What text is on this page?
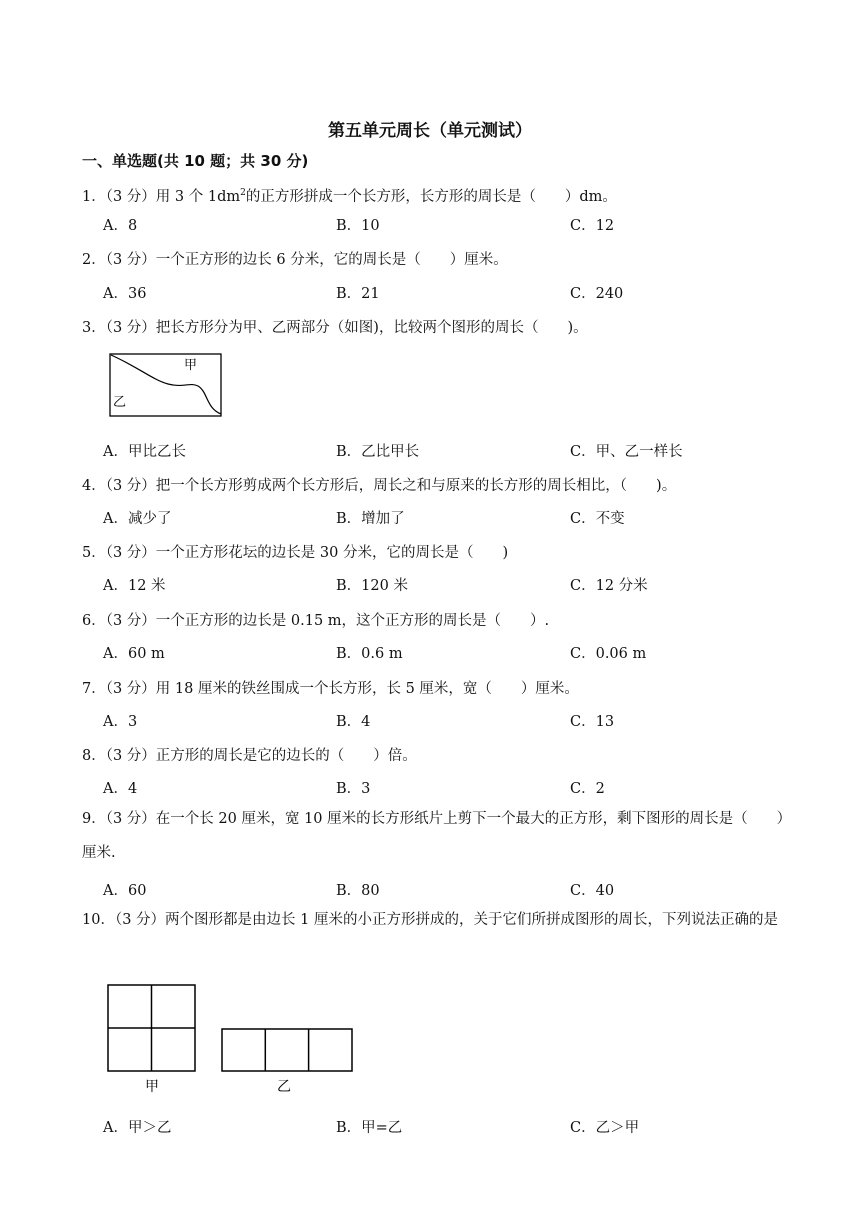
第五单元周长（单元测试）
一、单选题(共 10 题；共 30 分)
1．（3 分）用 3 个 $1dm^2$的正方形拼成一个长方形，长方形的周长是（　　）dm。
A．8	B．10	C．12
2．（3 分）一个正方形的边长 6 分米，它的周长是（　　）厘米。
A．36	B．21	C．240
3．（3 分）把长方形分为甲、乙两部分（如图)，比较两个图形的周长（　　)。
甲
乙
A．甲比乙长	B．乙比甲长	C．甲、乙一样长
4．（3 分）把一个长方形剪成两个长方形后，周长之和与原来的长方形的周长相比，（　　)。
A．减少了	B．增加了	C．不变
5．（3 分）一个正方形花坛的边长是 30 分米，它的周长是（　　)
A．12 米	B．120 米	C．12 分米
6．（3 分）一个正方形的边长是 0.15 m，这个正方形的周长是（　　）.
A．60 m	B．0.6 m	C．0.06 m
7．（3 分）用 18 厘米的铁丝围成一个长方形，长 5 厘米，宽（　　）厘米。
A．3	B．4	C．13
8．（3 分）正方形的周长是它的边长的（　　）倍。
A．4	B．3	C．2
9．（3 分）在一个长 20 厘米，宽 10 厘米的长方形纸片上剪下一个最大的正方形，剩下图形的周长是（　　）厘米.
A．60	B．80	C．40
10．（3 分）两个图形都是由边长 1 厘米的小正方形拼成的，关于它们所拼成图形的周长，下列说法正确的是
甲	乙
A．甲＞乙	B．甲=乙	C．乙＞甲
